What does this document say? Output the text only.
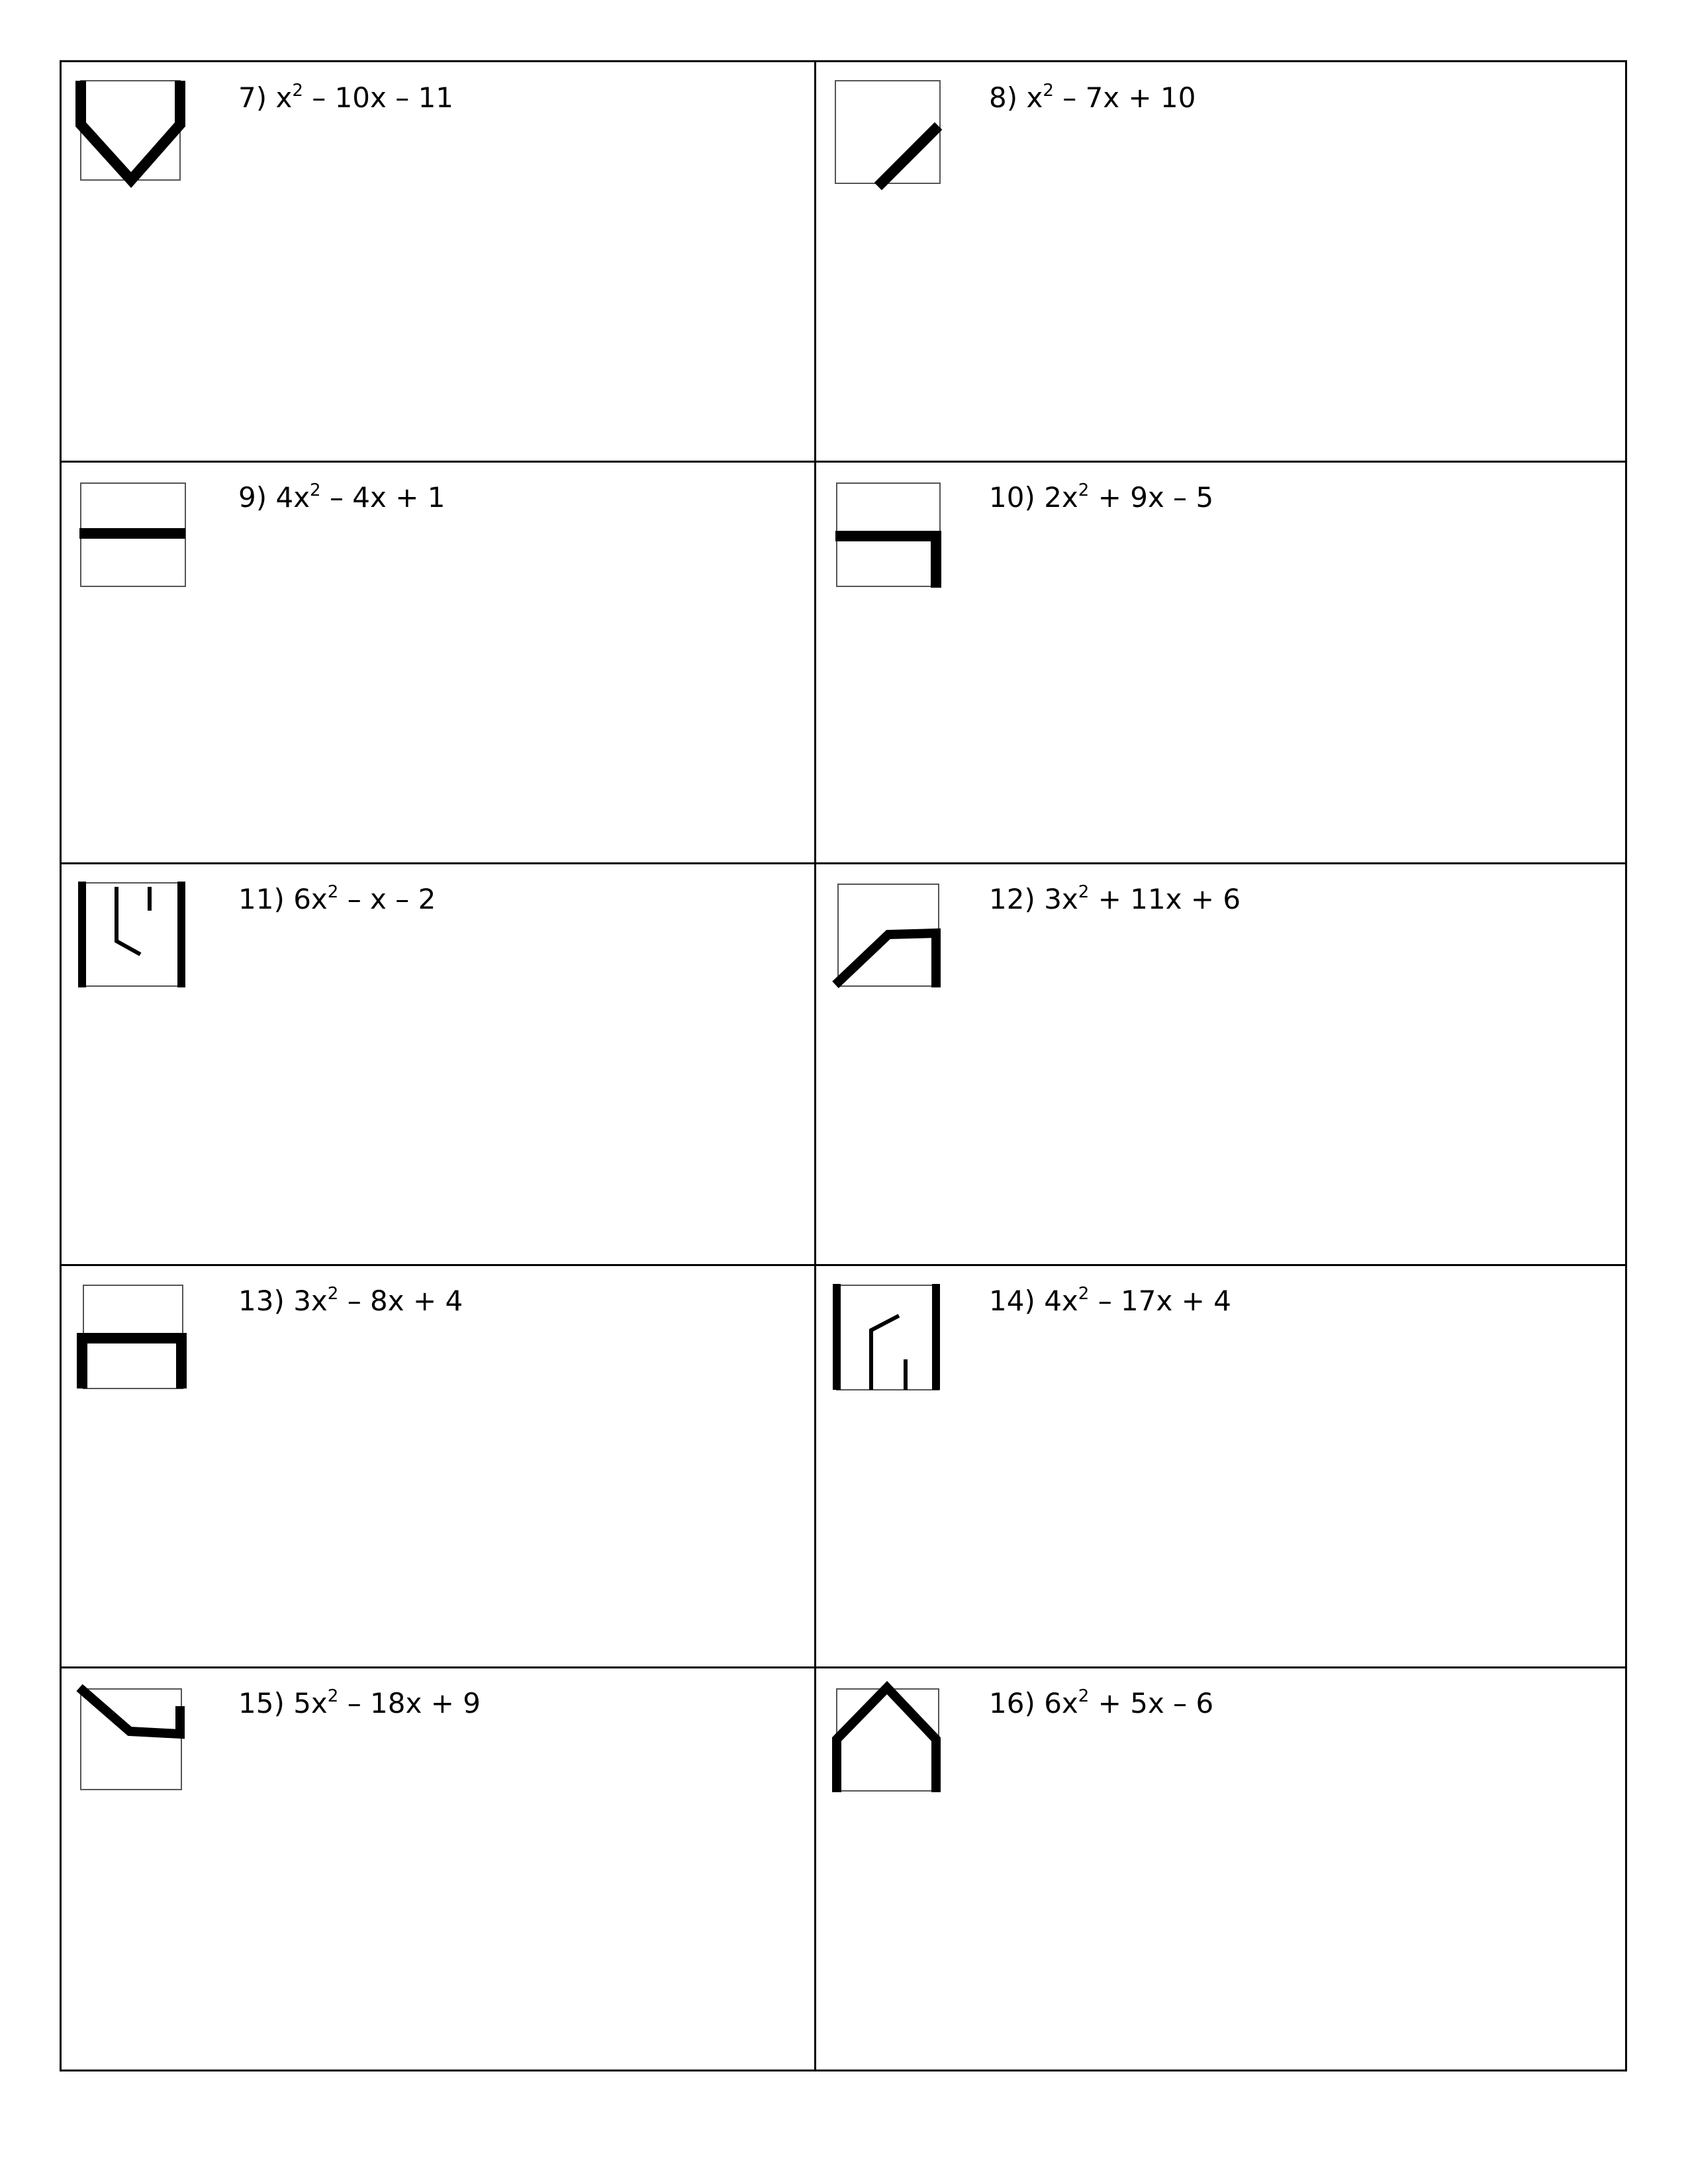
7) $x^2 - 10x - 11$	8) $x^2 - 7x + 10$
9) $4x^2 - 4x + 1$	10) $2x^2 + 9x - 5$
11) $6x^2$ – x – 2	12) $3x^2 + 11x + 6$
13) $3x^2 - 8x + 4$	14) $4x^2 - 17x + 4$
15) $5x^2 - 18x + 9$	16) $6x^2 + 5x - 6$
